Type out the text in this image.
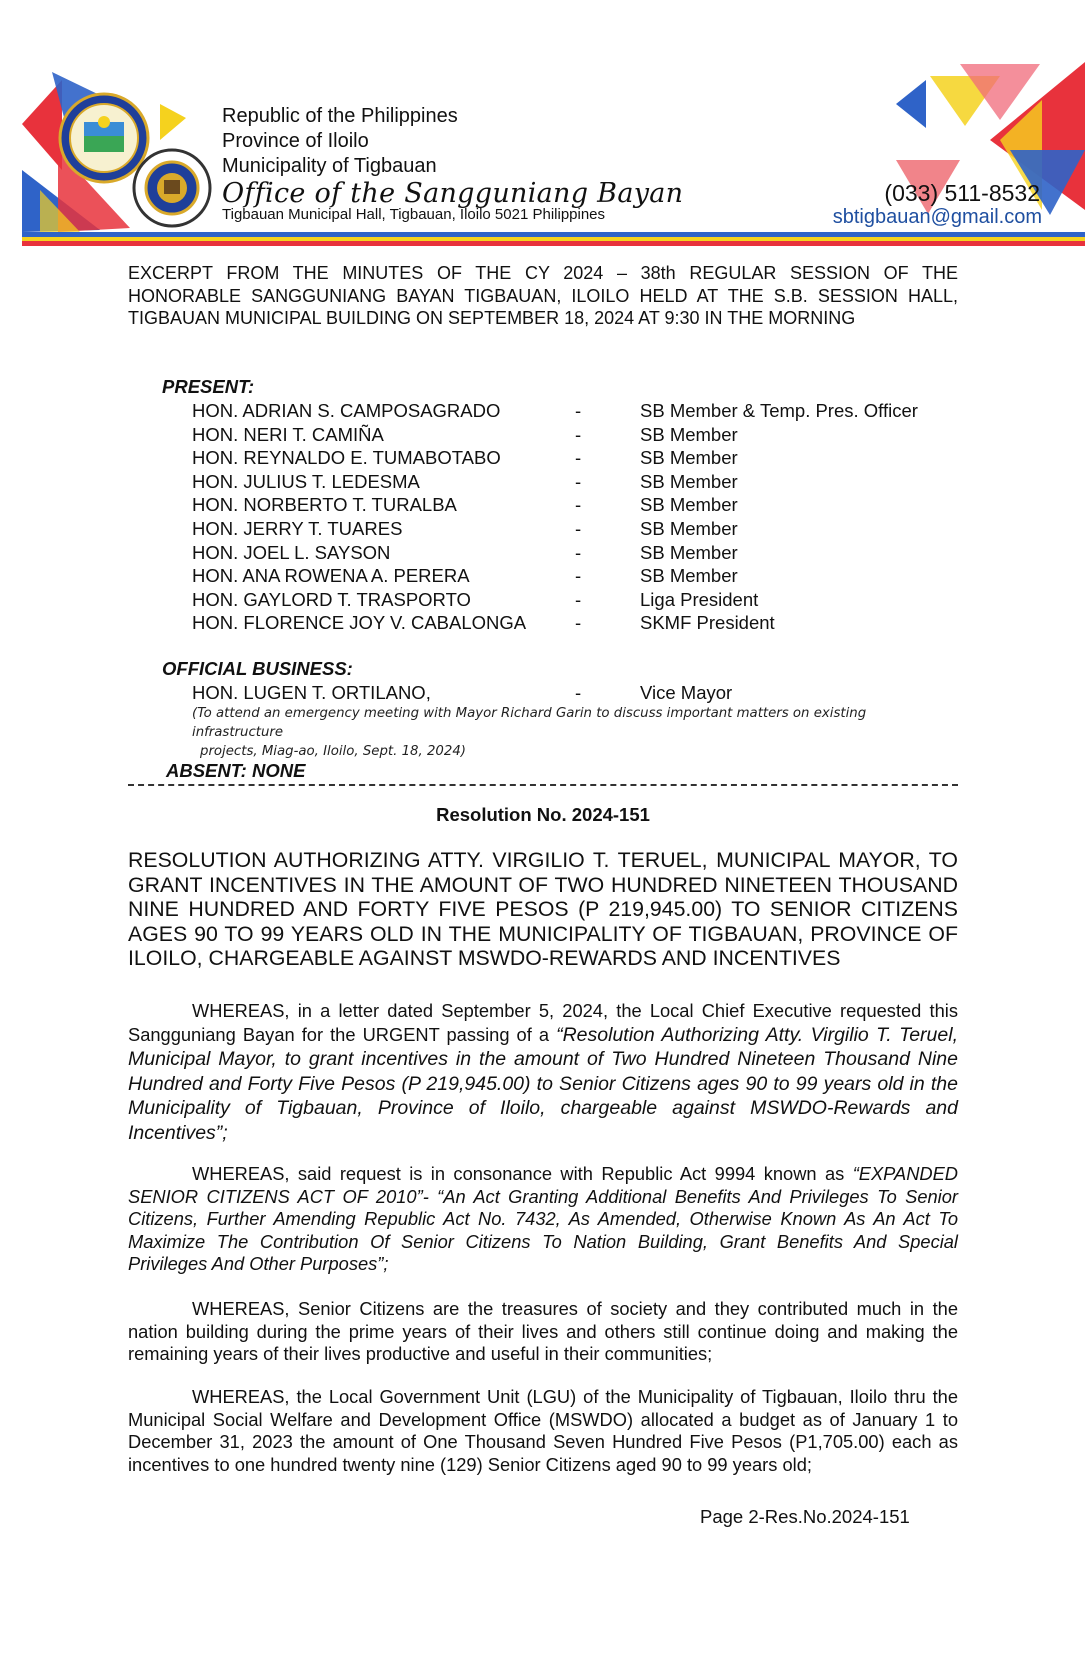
Republic of the Philippines
Province of Iloilo
Municipality of Tigbauan
Office of the Sangguniang Bayan
Tigbauan Municipal Hall, Tigbauan, Iloilo 5021 Philippines
(033) 511-8532
sbtigbauan@gmail.com
EXCERPT FROM THE MINUTES OF THE CY 2024 – 38th REGULAR SESSION OF THE HONORABLE SANGGUNIANG BAYAN TIGBAUAN, ILOILO HELD AT THE S.B. SESSION HALL, TIGBAUAN MUNICIPAL BUILDING ON SEPTEMBER 18, 2024 AT 9:30 IN THE MORNING
PRESENT:
HON. ADRIAN S. CAMPOSAGRADO	-	SB Member & Temp. Pres. Officer
HON. NERI T. CAMIÑA	-	SB Member
HON. REYNALDO E. TUMABOTABO	-	SB Member
HON. JULIUS T. LEDESMA	-	SB Member
HON. NORBERTO T. TURALBA	-	SB Member
HON. JERRY T. TUARES	-	SB Member
HON. JOEL L. SAYSON	-	SB Member
HON. ANA ROWENA A. PERERA	-	SB Member
HON. GAYLORD T. TRASPORTO	-	Liga President
HON. FLORENCE JOY V. CABALONGA	-	SKMF President
OFFICIAL BUSINESS:
HON. LUGEN T. ORTILANO,	-	Vice Mayor
(To attend an emergency meeting with Mayor Richard Garin to discuss important matters on existing infrastructure
projects, Miag-ao, Iloilo, Sept. 18, 2024)
ABSENT: NONE
Resolution No. 2024-151
RESOLUTION AUTHORIZING ATTY. VIRGILIO T. TERUEL, MUNICIPAL MAYOR, TO GRANT INCENTIVES IN THE AMOUNT OF TWO HUNDRED NINETEEN THOUSAND NINE HUNDRED AND FORTY FIVE PESOS (P 219,945.00) TO SENIOR CITIZENS AGES 90 TO 99 YEARS OLD IN THE MUNICIPALITY OF TIGBAUAN, PROVINCE OF ILOILO, CHARGEABLE AGAINST MSWDO-REWARDS AND INCENTIVES
WHEREAS, in a letter dated September 5, 2024, the Local Chief Executive requested this Sangguniang Bayan for the URGENT passing of a “Resolution Authorizing Atty. Virgilio T. Teruel, Municipal Mayor, to grant incentives in the amount of Two Hundred Nineteen Thousand Nine Hundred and Forty Five Pesos (P 219,945.00) to Senior Citizens ages 90 to 99 years old in the Municipality of Tigbauan, Province of Iloilo, chargeable against MSWDO-Rewards and Incentives”;
WHEREAS, said request is in consonance with Republic Act 9994 known as “EXPANDED SENIOR CITIZENS ACT OF 2010”- “An Act Granting Additional Benefits And Privileges To Senior Citizens, Further Amending Republic Act No. 7432, As Amended, Otherwise Known As An Act To Maximize The Contribution Of Senior Citizens To Nation Building, Grant Benefits And Special Privileges And Other Purposes”;
WHEREAS, Senior Citizens are the treasures of society and they contributed much in the nation building during the prime years of their lives and others still continue doing and making the remaining years of their lives productive and useful in their communities;
WHEREAS, the Local Government Unit (LGU) of the Municipality of Tigbauan, Iloilo thru the Municipal Social Welfare and Development Office (MSWDO) allocated a budget as of January 1 to December 31, 2023 the amount of One Thousand Seven Hundred Five Pesos (P1,705.00) each as incentives to one hundred twenty nine (129) Senior Citizens aged 90 to 99 years old;
Page 2-Res.No.2024-151
